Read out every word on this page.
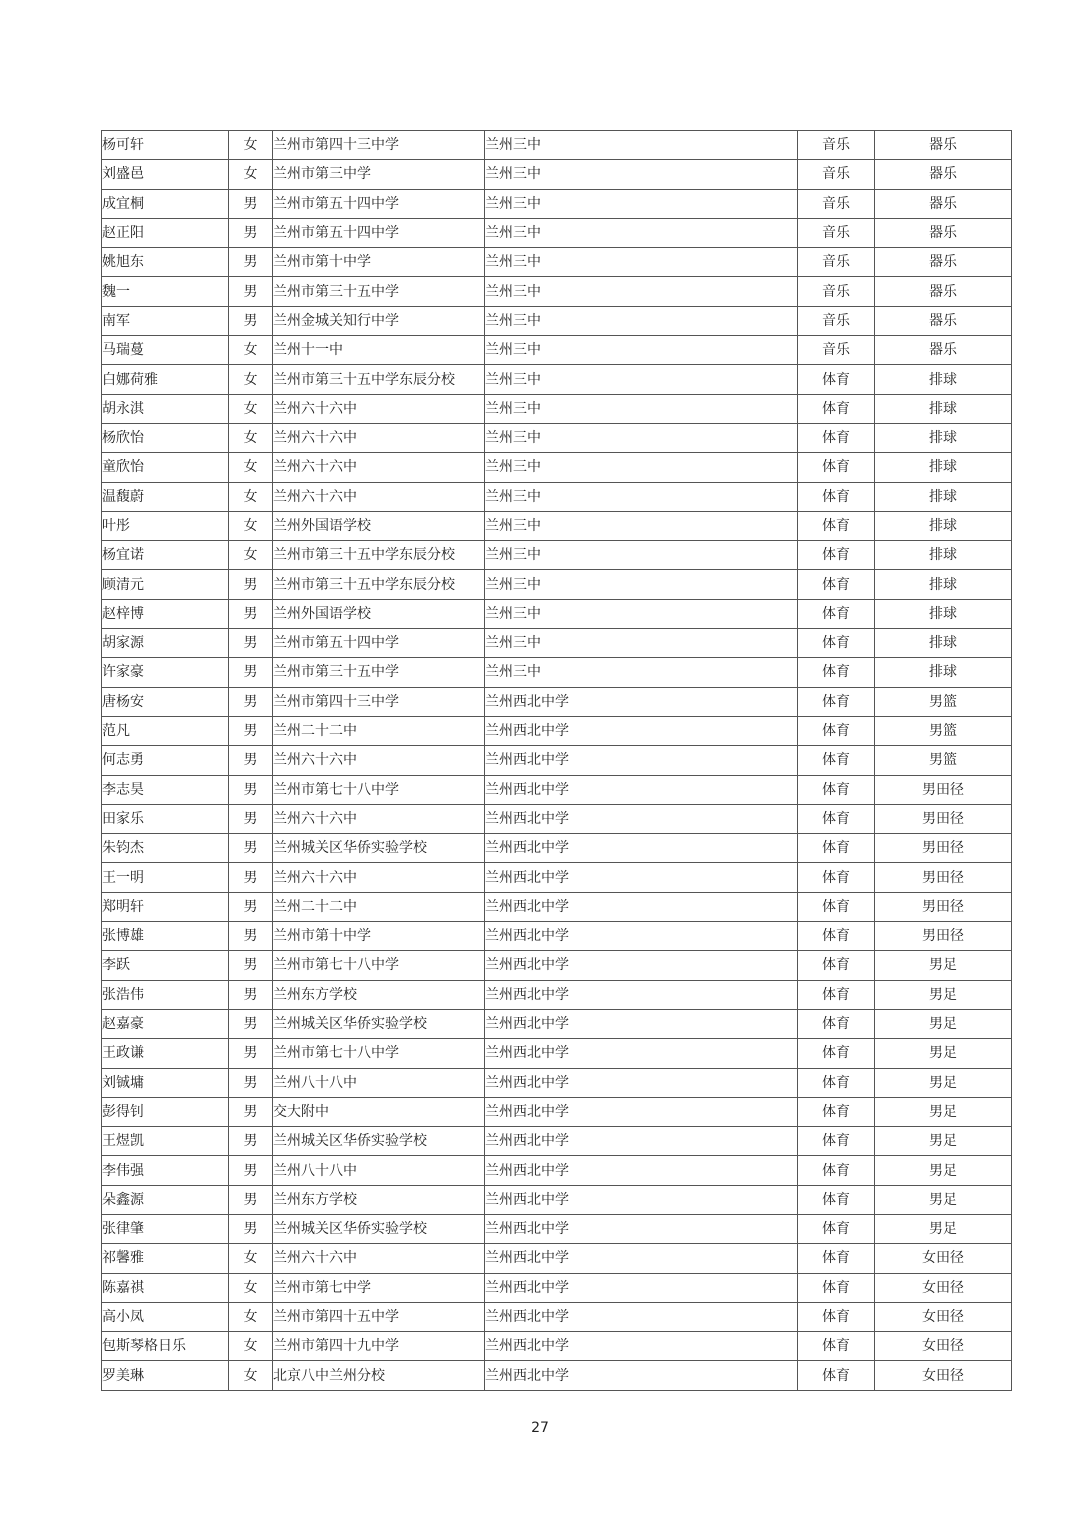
杨可轩	女	兰州市第四十三中学	兰州三中	音乐	器乐
刘盛邑	女	兰州市第三中学	兰州三中	音乐	器乐
成宜桐	男	兰州市第五十四中学	兰州三中	音乐	器乐
赵正阳	男	兰州市第五十四中学	兰州三中	音乐	器乐
姚旭东	男	兰州市第十中学	兰州三中	音乐	器乐
魏一	男	兰州市第三十五中学	兰州三中	音乐	器乐
南军	男	兰州金城关知行中学	兰州三中	音乐	器乐
马瑞蔓	女	兰州十一中	兰州三中	音乐	器乐
白娜荷雅	女	兰州市第三十五中学东辰分校	兰州三中	体育	排球
胡永淇	女	兰州六十六中	兰州三中	体育	排球
杨欣怡	女	兰州六十六中	兰州三中	体育	排球
童欣怡	女	兰州六十六中	兰州三中	体育	排球
温馥蔚	女	兰州六十六中	兰州三中	体育	排球
叶彤	女	兰州外国语学校	兰州三中	体育	排球
杨宜诺	女	兰州市第三十五中学东辰分校	兰州三中	体育	排球
顾清元	男	兰州市第三十五中学东辰分校	兰州三中	体育	排球
赵梓博	男	兰州外国语学校	兰州三中	体育	排球
胡家源	男	兰州市第五十四中学	兰州三中	体育	排球
许家豪	男	兰州市第三十五中学	兰州三中	体育	排球
唐杨安	男	兰州市第四十三中学	兰州西北中学	体育	男篮
范凡	男	兰州二十二中	兰州西北中学	体育	男篮
何志勇	男	兰州六十六中	兰州西北中学	体育	男篮
李志昊	男	兰州市第七十八中学	兰州西北中学	体育	男田径
田家乐	男	兰州六十六中	兰州西北中学	体育	男田径
朱钧杰	男	兰州城关区华侨实验学校	兰州西北中学	体育	男田径
王一明	男	兰州六十六中	兰州西北中学	体育	男田径
郑明轩	男	兰州二十二中	兰州西北中学	体育	男田径
张博雄	男	兰州市第十中学	兰州西北中学	体育	男田径
李跃	男	兰州市第七十八中学	兰州西北中学	体育	男足
张浩伟	男	兰州东方学校	兰州西北中学	体育	男足
赵嘉豪	男	兰州城关区华侨实验学校	兰州西北中学	体育	男足
王政谦	男	兰州市第七十八中学	兰州西北中学	体育	男足
刘铖墉	男	兰州八十八中	兰州西北中学	体育	男足
彭得钊	男	交大附中	兰州西北中学	体育	男足
王煜凯	男	兰州城关区华侨实验学校	兰州西北中学	体育	男足
李伟强	男	兰州八十八中	兰州西北中学	体育	男足
朵鑫源	男	兰州东方学校	兰州西北中学	体育	男足
张律肇	男	兰州城关区华侨实验学校	兰州西北中学	体育	男足
祁馨雅	女	兰州六十六中	兰州西北中学	体育	女田径
陈嘉祺	女	兰州市第七中学	兰州西北中学	体育	女田径
高小凤	女	兰州市第四十五中学	兰州西北中学	体育	女田径
包斯琴格日乐	女	兰州市第四十九中学	兰州西北中学	体育	女田径
罗美琳	女	北京八中兰州分校	兰州西北中学	体育	女田径
27
